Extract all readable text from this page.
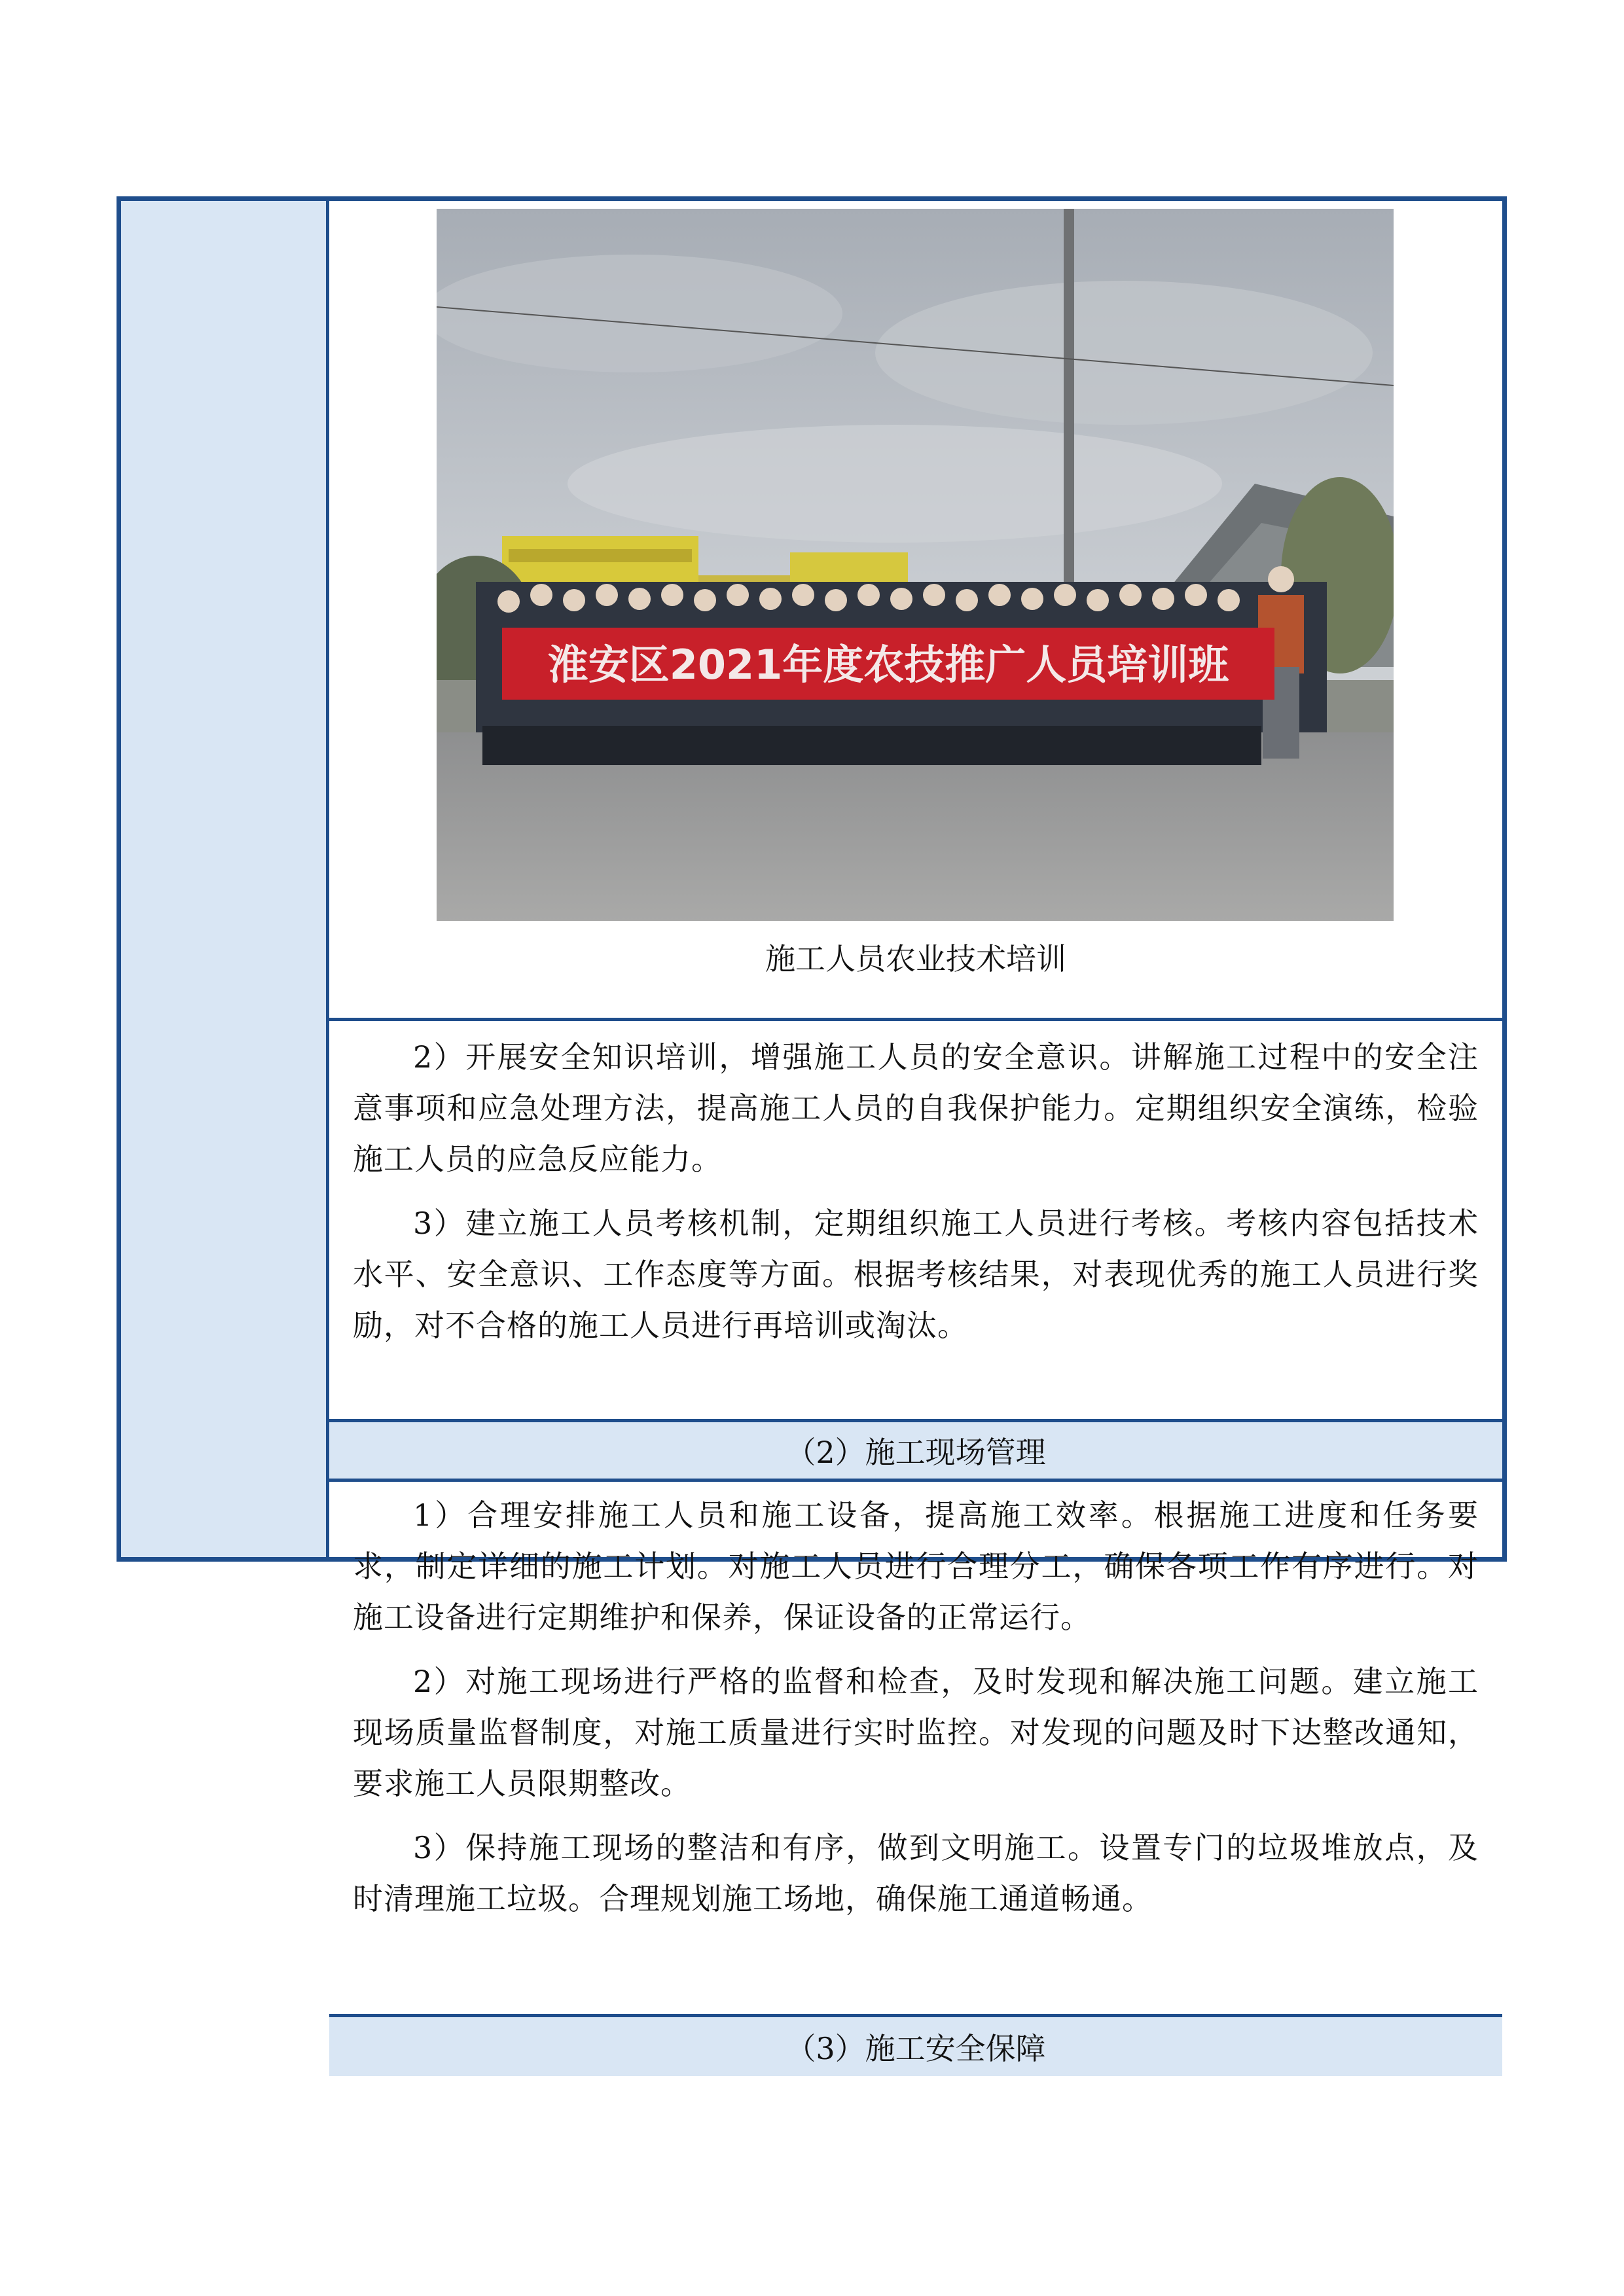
淮安区2021年度农技推广人员培训班
施工人员农业技术培训

2）开展安全知识培训，增强施工人员的安全意识。讲解施工过程中的安全注意事项和应急处理方法，提高施工人员的自我保护能力。定期组织安全演练，检验施工人员的应急反应能力。

3）建立施工人员考核机制，定期组织施工人员进行考核。考核内容包括技术水平、安全意识、工作态度等方面。根据考核结果，对表现优秀的施工人员进行奖励，对不合格的施工人员进行再培训或淘汰。

（2）施工现场管理

1）合理安排施工人员和施工设备，提高施工效率。根据施工进度和任务要求，制定详细的施工计划。对施工人员进行合理分工，确保各项工作有序进行。对施工设备进行定期维护和保养，保证设备的正常运行。

2）对施工现场进行严格的监督和检查，及时发现和解决施工问题。建立施工现场质量监督制度，对施工质量进行实时监控。对发现的问题及时下达整改通知，要求施工人员限期整改。

3）保持施工现场的整洁和有序，做到文明施工。设置专门的垃圾堆放点，及时清理施工垃圾。合理规划施工场地，确保施工通道畅通。

（3）施工安全保障
